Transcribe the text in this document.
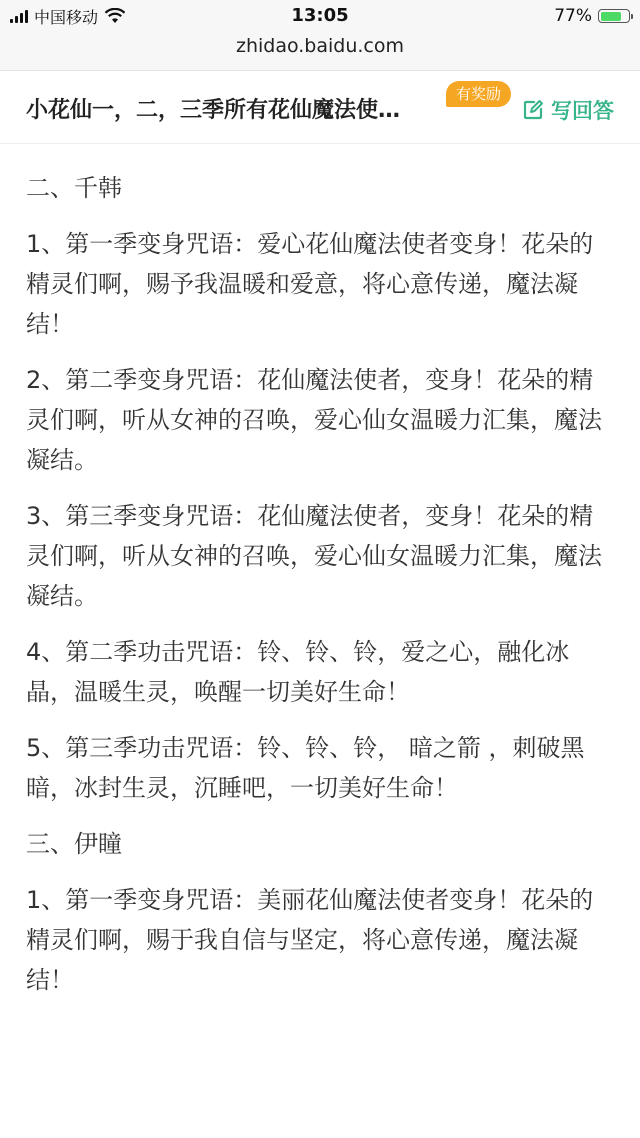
中国移动	13:05	77%
zhidao.baidu.com
小花仙一，二，三季所有花仙魔法使…
有奖励
写回答

二、千韩

1、第一季变身咒语：爱心花仙魔法使者变身！花朵的精灵们啊，赐予我温暖和爱意，将心意传递，魔法凝结！

2、第二季变身咒语：花仙魔法使者，变身！花朵的精灵们啊，听从女神的召唤，爱心仙女温暖力汇集，魔法凝结。

3、第三季变身咒语：花仙魔法使者，变身！花朵的精灵们啊，听从女神的召唤，爱心仙女温暖力汇集，魔法凝结。

4、第二季功击咒语：铃、铃、铃，爱之心，融化冰晶，温暖生灵，唤醒一切美好生命！

5、第三季功击咒语：铃、铃、铃， 暗之箭 ，刺破黑暗，冰封生灵，沉睡吧，一切美好生命！

三、伊瞳

1、第一季变身咒语：美丽花仙魔法使者变身！花朵的精灵们啊，赐于我自信与坚定，将心意传递，魔法凝结！
